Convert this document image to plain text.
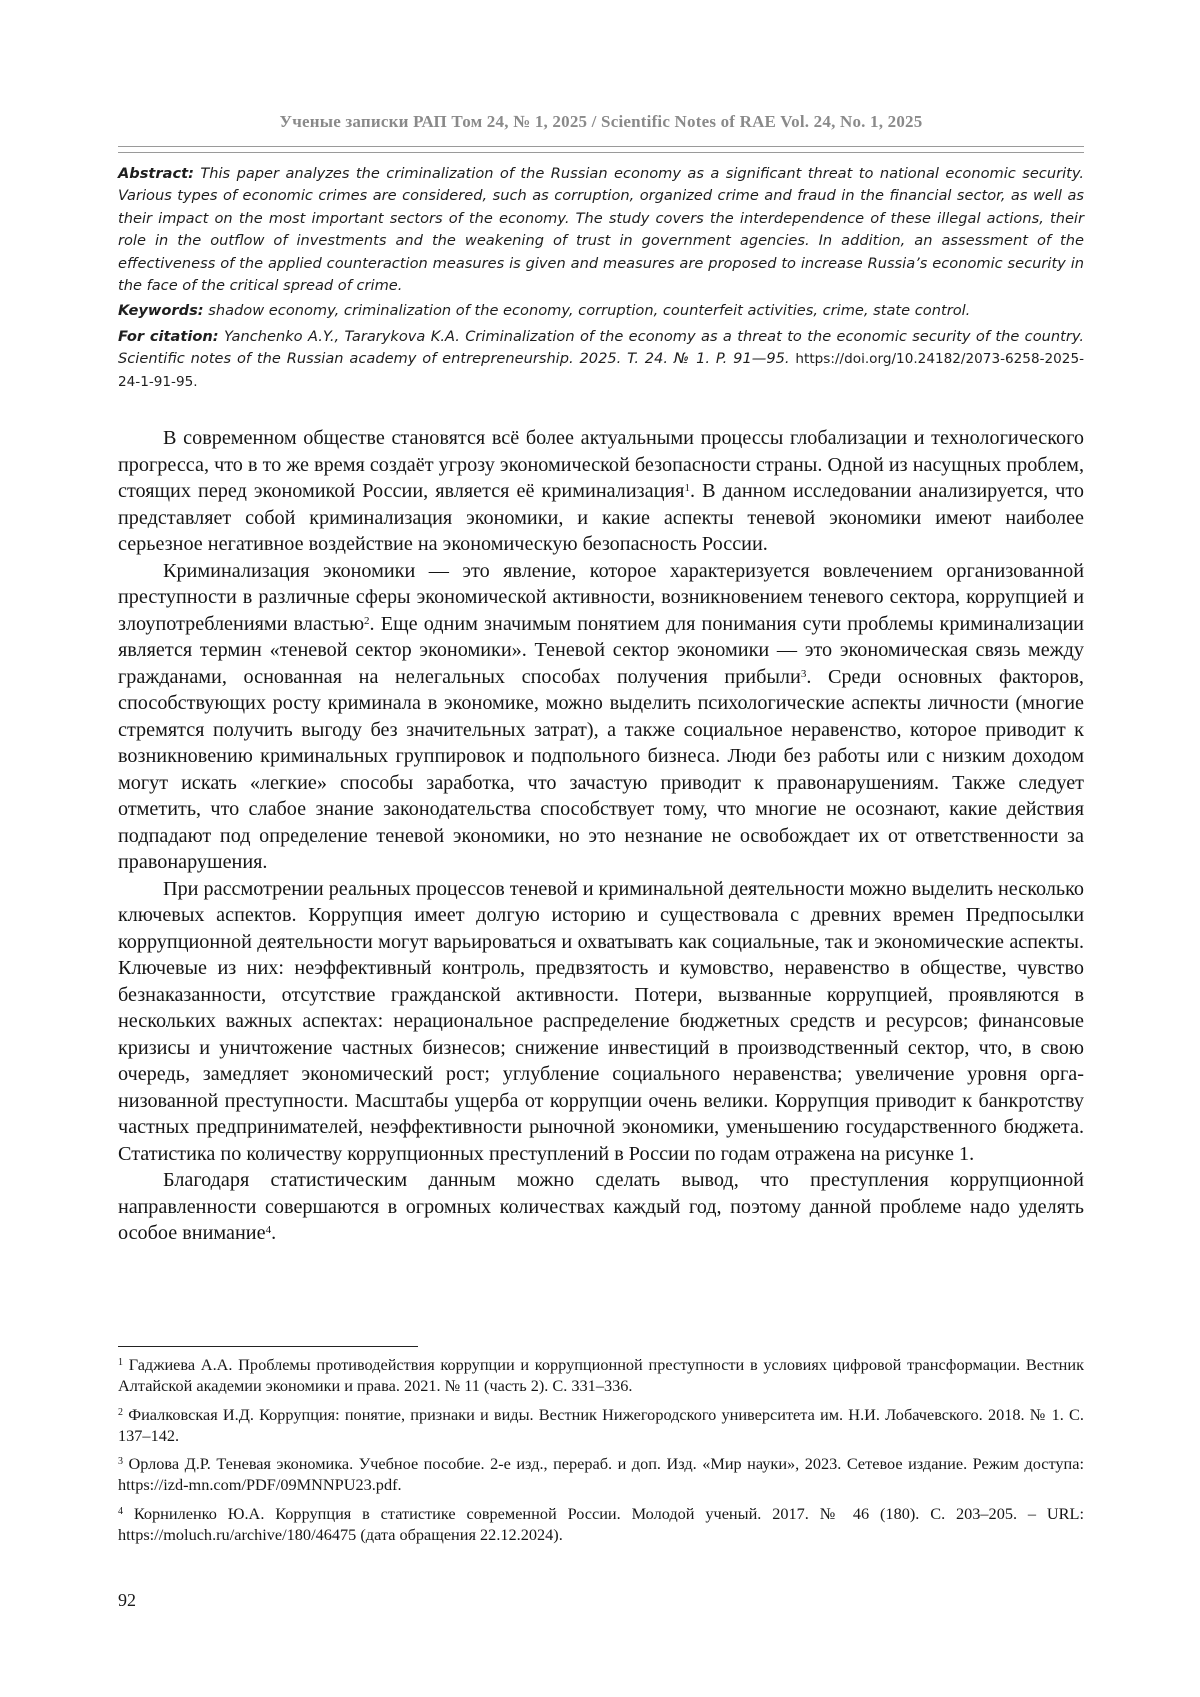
Ученые записки РАП Том 24, № 1, 2025 / Scientific Notes of RAE Vol. 24, No. 1, 2025

Abstract: This paper analyzes the criminalization of the Russian economy as a significant threat to national economic security. Various types of economic crimes are considered, such as corruption, organized crime and fraud in the financial sector, as well as their impact on the most important sectors of the economy. The study covers the interdependence of these illegal actions, their role in the outflow of investments and the weakening of trust in government agencies. In addition, an assessment of the effectiveness of the applied counteraction measures is given and measures are proposed to increase Russia’s economic security in the face of the critical spread of crime.

Keywords: shadow economy, criminalization of the economy, corruption, counterfeit activities, crime, state control.

For citation: Yanchenko A.Y., Tararykova K.A. Criminalization of the economy as a threat to the economic security of the country. Scientific notes of the Russian academy of entrepreneurship. 2025. T. 24. № 1. P. 91—95. https://doi.org/10.24182/2073-6258-2025-24-1-91-95.

В современном обществе становятся всё более актуальными процессы глобализации и технологического прогресса, что в то же время создаёт угрозу экономической безопасности страны. Одной из насущных проблем, стоящих перед экономикой России, является её криминализация$^1$. В данном исследовании анализируется, что представляет собой криминализация экономики, и какие аспекты теневой экономики имеют наиболее серьезное негативное воздействие на экономическую безопасность России.

Криминализация экономики — это явление, которое характеризуется вовлечением организованной преступности в различные сферы экономической активности, возникновением теневого сектора, коррупцией и злоупотреблениями властью$^2$. Еще одним значимым понятием для понимания сути проблемы криминализации является термин «теневой сектор экономики». Теневой сектор экономики — это экономическая связь между гражданами, основанная на нелегальных способах получения прибыли$^3$. Среди основных факторов, способствующих росту криминала в экономике, можно выделить психологические аспекты личности (многие стремятся получить выгоду без значительных затрат), а также социальное неравенство, которое приводит к возникновению криминальных группировок и подпольного бизнеса. Люди без работы или с низким доходом могут искать «легкие» способы заработка, что зачастую приводит к правонарушениям. Также следует отметить, что слабое знание законодательства способствует тому, что многие не осознают, какие действия подпадают под определение теневой экономики, но это незнание не освобождает их от ответственности за правонарушения.

При рассмотрении реальных процессов теневой и криминальной деятельности можно выделить несколько ключевых аспектов. Коррупция имеет долгую историю и существовала с древних времен Предпосылки коррупционной деятельности могут варьироваться и охватывать как социальные, так и экономические аспекты. Ключевые из них: неэффективный контроль, предвзятость и кумовство, неравенство в обществе, чувство безнаказанности, отсутствие гражданской активности. Потери, вызванные коррупцией, проявляются в нескольких важных аспектах: нерациональное распределение бюджетных средств и ресурсов; финансовые кризисы и уничтожение частных бизнесов; снижение инвестиций в производственный сектор, что, в свою очередь, замедляет экономический рост; углубление социального неравенства; увеличение уровня организованной преступности. Масштабы ущерба от коррупции очень велики. Коррупция приводит к банкротству частных предпринимателей, неэффективности рыночной экономики, уменьшению государственного бюджета. Статистика по количеству коррупционных преступлений в России по годам отражена на рисунке 1.

Благодаря статистическим данным можно сделать вывод, что преступления коррупционной направленности совершаются в огромных количествах каждый год, поэтому данной проблеме надо уделять особое внимание$^4$.

$^1$ Гаджиева А.А. Проблемы противодействия коррупции и коррупционной преступности в условиях цифровой трансформации. Вестник Алтайской академии экономики и права. 2021. № 11 (часть 2). С. 331–336.

$^2$ Фиалковская И.Д. Коррупция: понятие, признаки и виды. Вестник Нижегородского университета им. Н.И. Лобачевского. 2018. № 1. С. 137–142.

$^3$ Орлова Д.Р. Теневая экономика. Учебное пособие. 2-е изд., перераб. и доп. Изд. «Мир науки», 2023. Сетевое издание. Режим доступа: https://izd-mn.com/PDF/09MNNPU23.pdf.

$^4$ Корниленко Ю.А. Коррупция в статистике современной России. Молодой ученый. 2017. № 46 (180). С. 203–205. – URL: https://moluch.ru/archive/180/46475 (дата обращения 22.12.2024).

92
